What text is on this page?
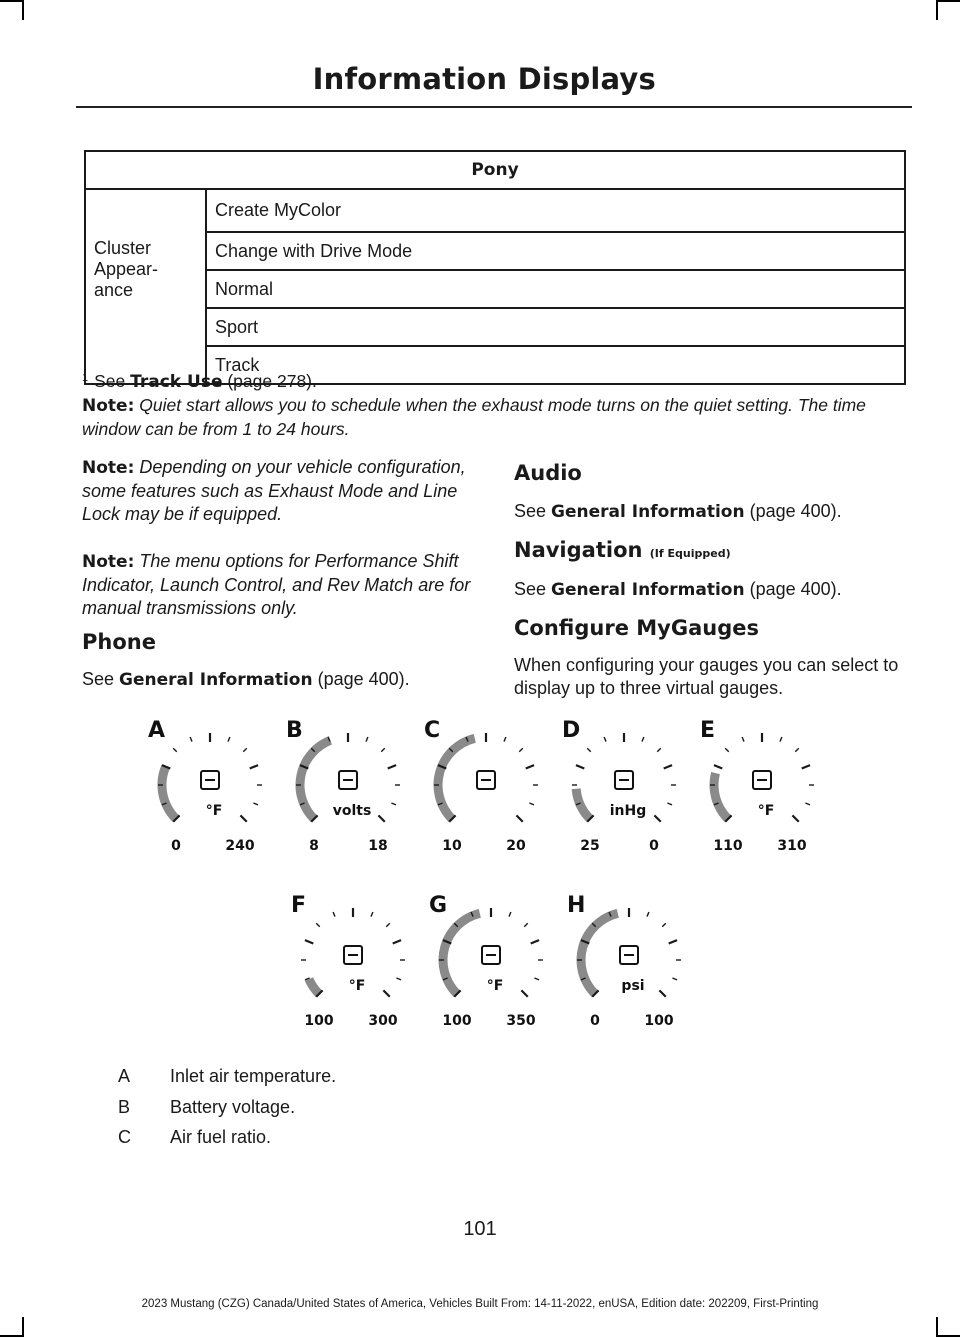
Information Displays
Pony	
	Create MyColor

Cluster
Appear-
ance	Change with Drive Mode
	Normal
	Sport
	Track
$^1$ See Track Use (page 278).
Note: Quiet start allows you to schedule when the exhaust mode turns on the quiet setting. The time window can be from 1 to 24 hours.
Note: Depending on your vehicle configuration, some features such as Exhaust Mode and Line Lock may be if equipped.
Note: The menu options for Performance Shift Indicator, Launch Control, and Rev Match are for manual transmissions only.
Phone
See General Information (page 400).
Audio
See General Information (page 400).
Navigation (If Equipped)
See General Information (page 400).
Configure MyGauges
When configuring your gauges you can select to display up to three virtual gauges.
A
°F
0	240
B
volts
8	18
C
10	20
D
inHg
25	0
E
°F
110 310
F
°F
100 300
G
°F
100 350
H
psi
0	100
A	Inlet air temperature.
B	Battery voltage.
C	Air fuel ratio.
101
2023 Mustang (CZG) Canada/United States of America, Vehicles Built From: 14-11-2022, enUSA, Edition date: 202209, First-Printing
